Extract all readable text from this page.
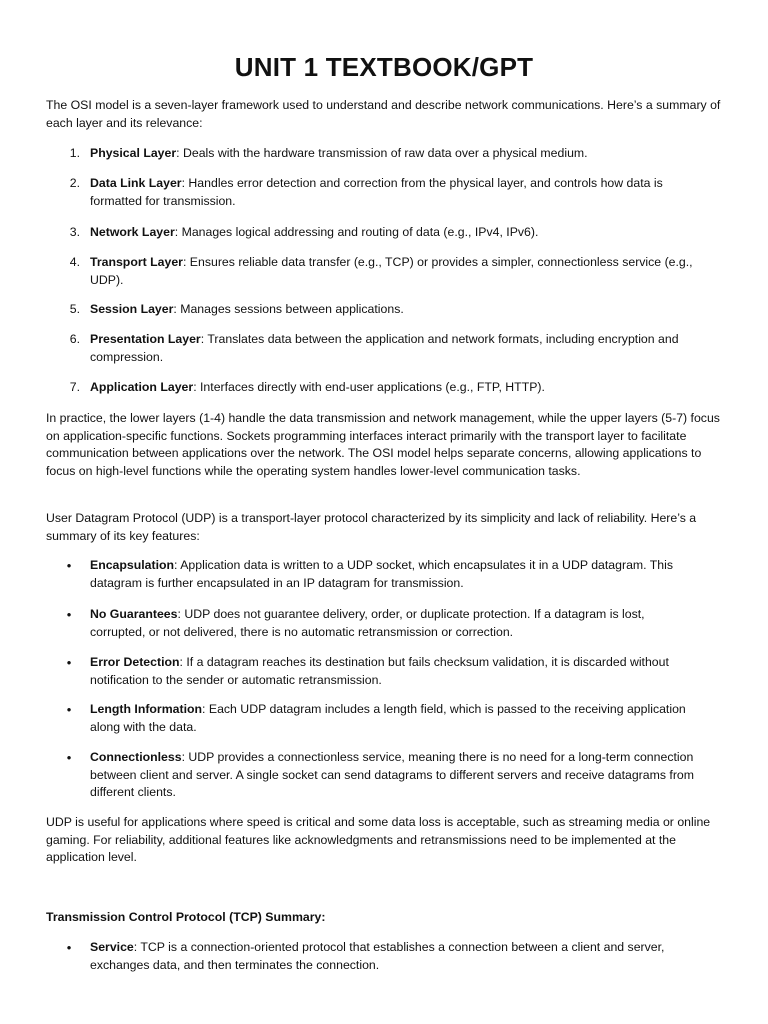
UNIT 1 TEXTBOOK/GPT

The OSI model is a seven-layer framework used to understand and describe network communications. Here’s a summary of each layer and its relevance:

1. Physical Layer: Deals with the hardware transmission of raw data over a physical medium.
2. Data Link Layer: Handles error detection and correction from the physical layer, and controls how data is formatted for transmission.
3. Network Layer: Manages logical addressing and routing of data (e.g., IPv4, IPv6).
4. Transport Layer: Ensures reliable data transfer (e.g., TCP) or provides a simpler, connectionless service (e.g., UDP).
5. Session Layer: Manages sessions between applications.
6. Presentation Layer: Translates data between the application and network formats, including encryption and compression.
7. Application Layer: Interfaces directly with end-user applications (e.g., FTP, HTTP).

In practice, the lower layers (1-4) handle the data transmission and network management, while the upper layers (5-7) focus on application-specific functions. Sockets programming interfaces interact primarily with the transport layer to facilitate communication between applications over the network. The OSI model helps separate concerns, allowing applications to focus on high-level functions while the operating system handles lower-level communication tasks.

User Datagram Protocol (UDP) is a transport-layer protocol characterized by its simplicity and lack of reliability. Here’s a summary of its key features:

• Encapsulation: Application data is written to a UDP socket, which encapsulates it in a UDP datagram. This datagram is further encapsulated in an IP datagram for transmission.
• No Guarantees: UDP does not guarantee delivery, order, or duplicate protection. If a datagram is lost, corrupted, or not delivered, there is no automatic retransmission or correction.
• Error Detection: If a datagram reaches its destination but fails checksum validation, it is discarded without notification to the sender or automatic retransmission.
• Length Information: Each UDP datagram includes a length field, which is passed to the receiving application along with the data.
• Connectionless: UDP provides a connectionless service, meaning there is no need for a long-term connection between client and server. A single socket can send datagrams to different servers and receive datagrams from different clients.

UDP is useful for applications where speed is critical and some data loss is acceptable, such as streaming media or online gaming. For reliability, additional features like acknowledgments and retransmissions need to be implemented at the application level.

Transmission Control Protocol (TCP) Summary:

• Service: TCP is a connection-oriented protocol that establishes a connection between a client and server, exchanges data, and then terminates the connection.
